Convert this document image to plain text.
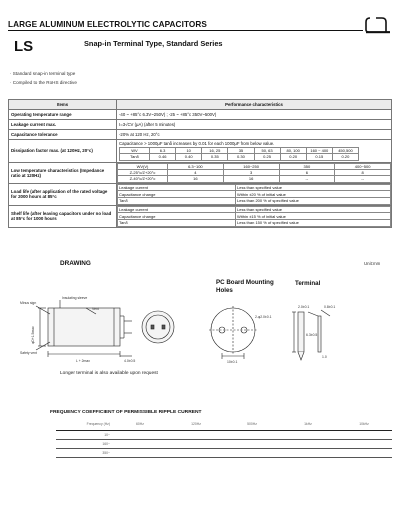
LARGE ALUMINUM ELECTROLYTIC CAPACITORS
LS	Snap-in Terminal Type, Standard Series
· Standard snap-in terminal type
· Compiled to the RoHS directive
Items	Performance characteristics
Operating temperature range	-40 ~ +85°c 6.3V~250V) ; -25 ~ +85°c 350V~500V)
Leakage current max.	I=3√CV (μA) (after 5 minutes)
Capacitance tolerance	-20% at 120 Hz, 20°c
Dissipation factor max. (at 120Hz, 20°c)	
Capacitance > 1000μF tanδ increases by 0.01 for each 1000μF from below value.
WV	6.3	10	16, 25	35	50, 63	80, 100	160 ~ 400	450,500
Tanδ	0.46	0.40	0.35	0.30	0.25	0.20	0.15	0.20

Low temperature characteristics (Impedance ratio at 120Hz)	
WV(V)	6.3~100	160~250	350	400~500
Z-25°c/Z+20°c	4	3	6	8
Z-40°c/Z+20°c	16	16	--	--

Load life (after application of the rated voltage for 2000 hours at 85°c	
Leakage current	Less than specified value
Capacitance change	Within ±20 % of initial value
Tanδ	Less than 200 % of specified value

Shelf life (after leaving capacitors under no load at 85°c for 1000 hours	
Leakage current	Less than specified value
Capacitance change	Within ±15 % of initial value
Tanδ	Less than 150 % of specified value
DRAWING	Unit:mm
PC Board Mounting Holes
Terminal
Insulating sleeve
Vent
Minus sign
Safety vent
φD+1.5max
L + 2max	4.0±0.5
2-φ2.0±0.1
10±0.1
2.0±0.1	0.8±0.1
6.3±0.5
1.0
Longer terminal is also available upon request
FREQUENCY COEFFICIENT OF PERMISSIBLE RIPPLE CURRENT
Frequency (Hz)	60Hz	120Hz	500Hz	1kHz	10kHz
10~					
160~					
350~					
